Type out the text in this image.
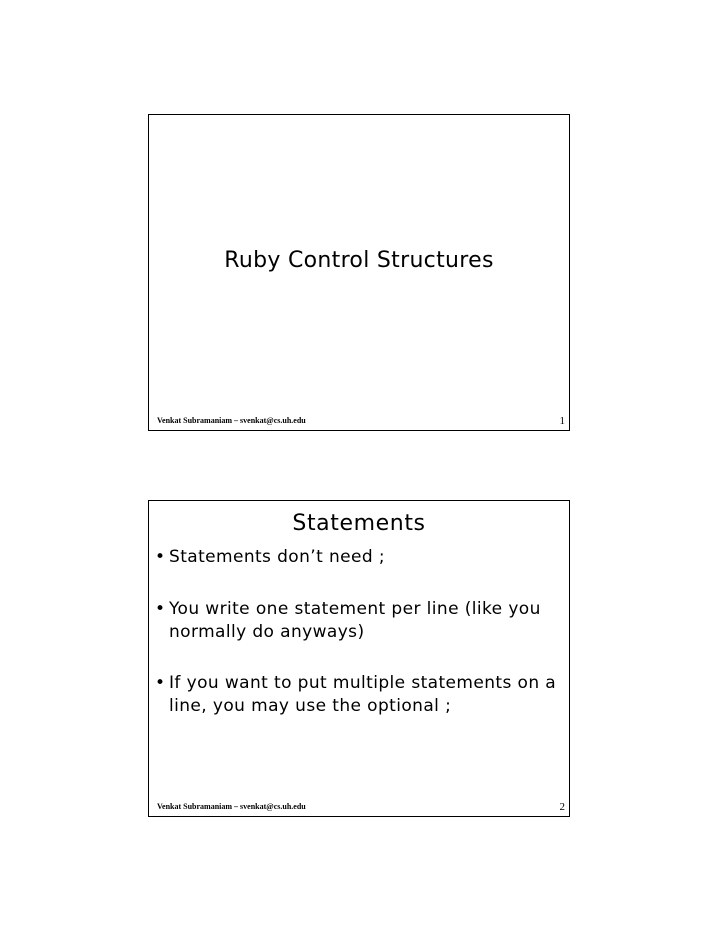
Ruby Control Structures
Venkat Subramaniam – svenkat@cs.uh.edu	1
Statements
• Statements don’t need ;
• You write one statement per line (like you normally do anyways)
• If you want to put multiple statements on a line, you may use the optional ;
Venkat Subramaniam – svenkat@cs.uh.edu	2
